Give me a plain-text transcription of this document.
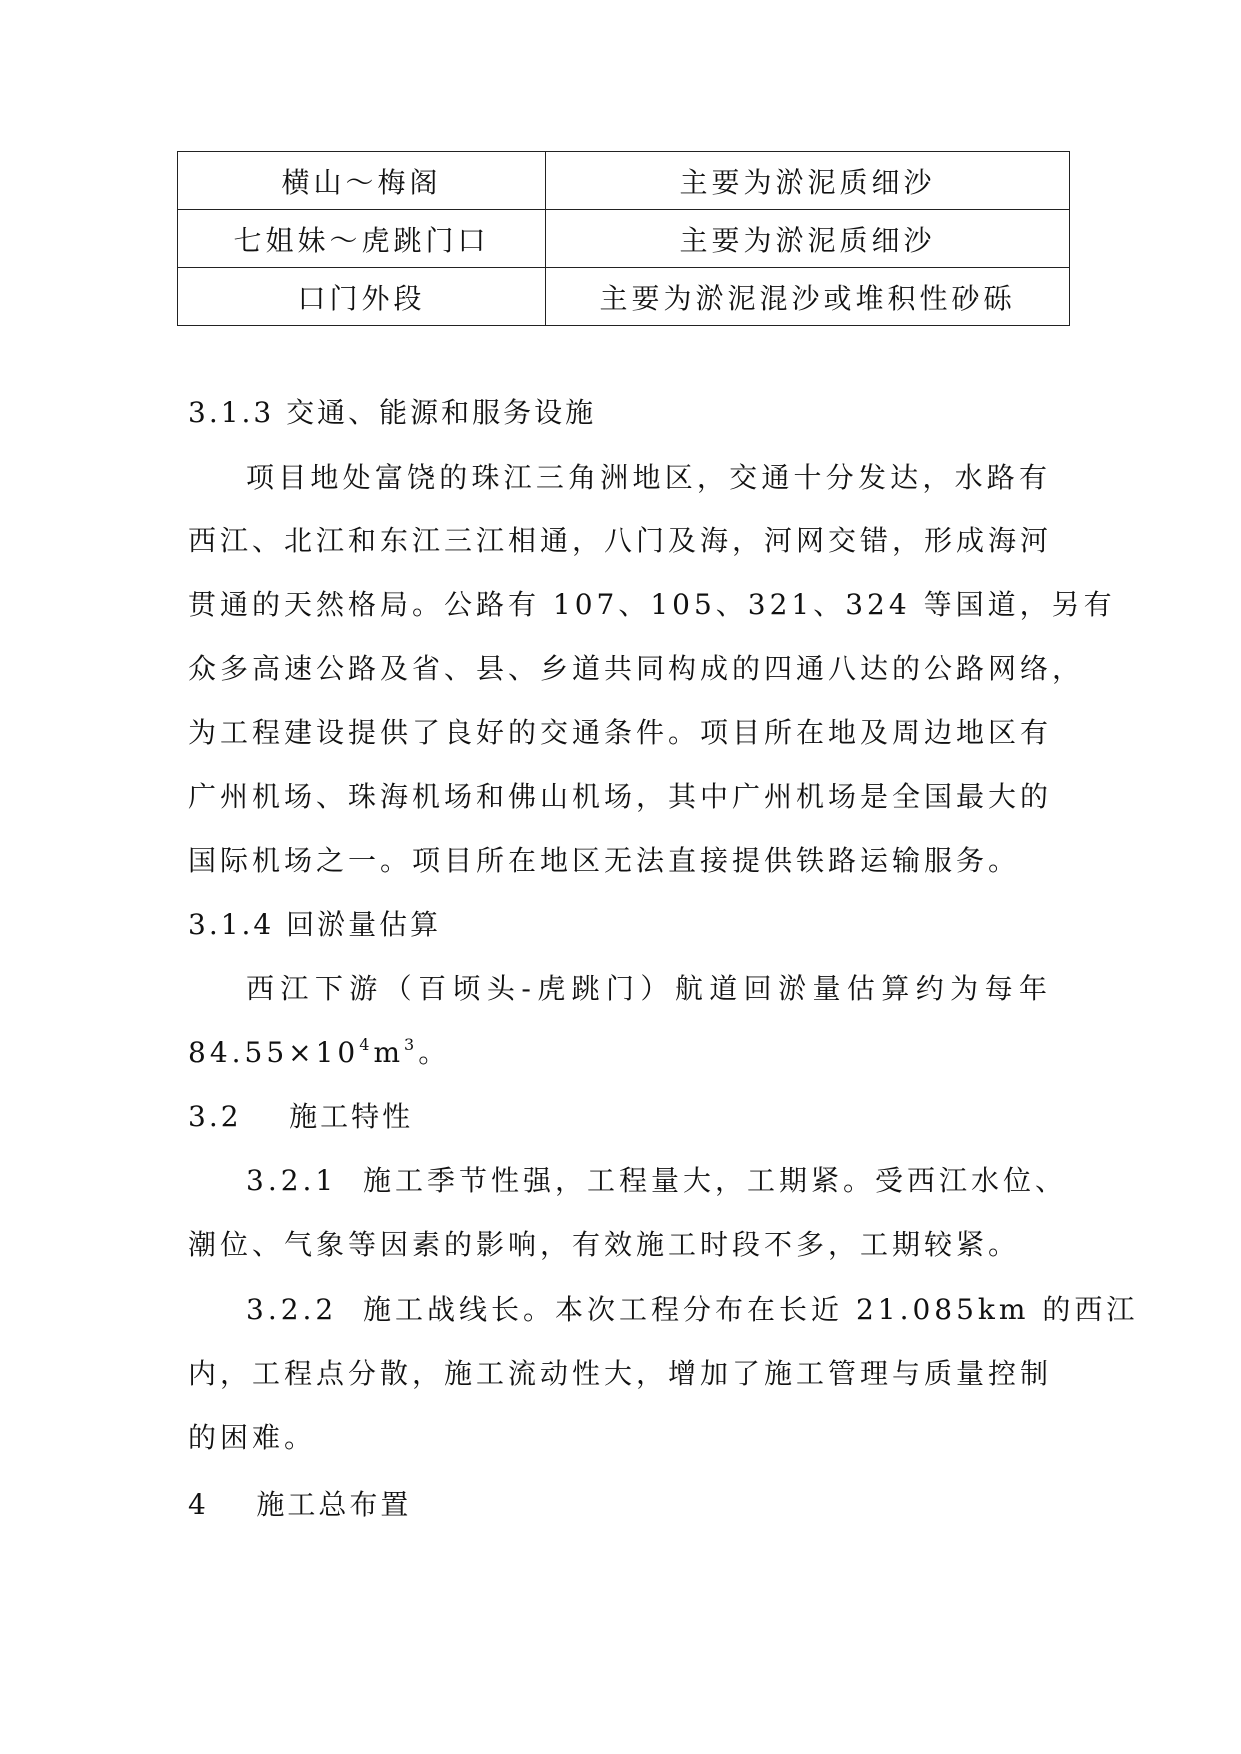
横山～梅阁	主要为淤泥质细沙
七姐妹～虎跳门口	主要为淤泥质细沙
口门外段	主要为淤泥混沙或堆积性砂砾
3.1.3 交通、能源和服务设施
项目地处富饶的珠江三角洲地区，交通十分发达，水路有
西江、北江和东江三江相通，八门及海，河网交错，形成海河
贯通的天然格局。公路有 107、105、321、324 等国道，另有
众多高速公路及省、县、乡道共同构成的四通八达的公路网络，
为工程建设提供了良好的交通条件。项目所在地及周边地区有
广州机场、珠海机场和佛山机场，其中广州机场是全国最大的
国际机场之一。项目所在地区无法直接提供铁路运输服务。
3.1.4 回淤量估算
西江下游（百顷头-虎跳门）航道回淤量估算约为每年
$84.55\times 10^4m^3$。
3.2    施工特性
3.2.1  施工季节性强，工程量大，工期紧。受西江水位、
潮位、气象等因素的影响，有效施工时段不多，工期较紧。
3.2.2  施工战线长。本次工程分布在长近 21.085km 的西江
内，工程点分散，施工流动性大，增加了施工管理与质量控制
的困难。
4    施工总布置
